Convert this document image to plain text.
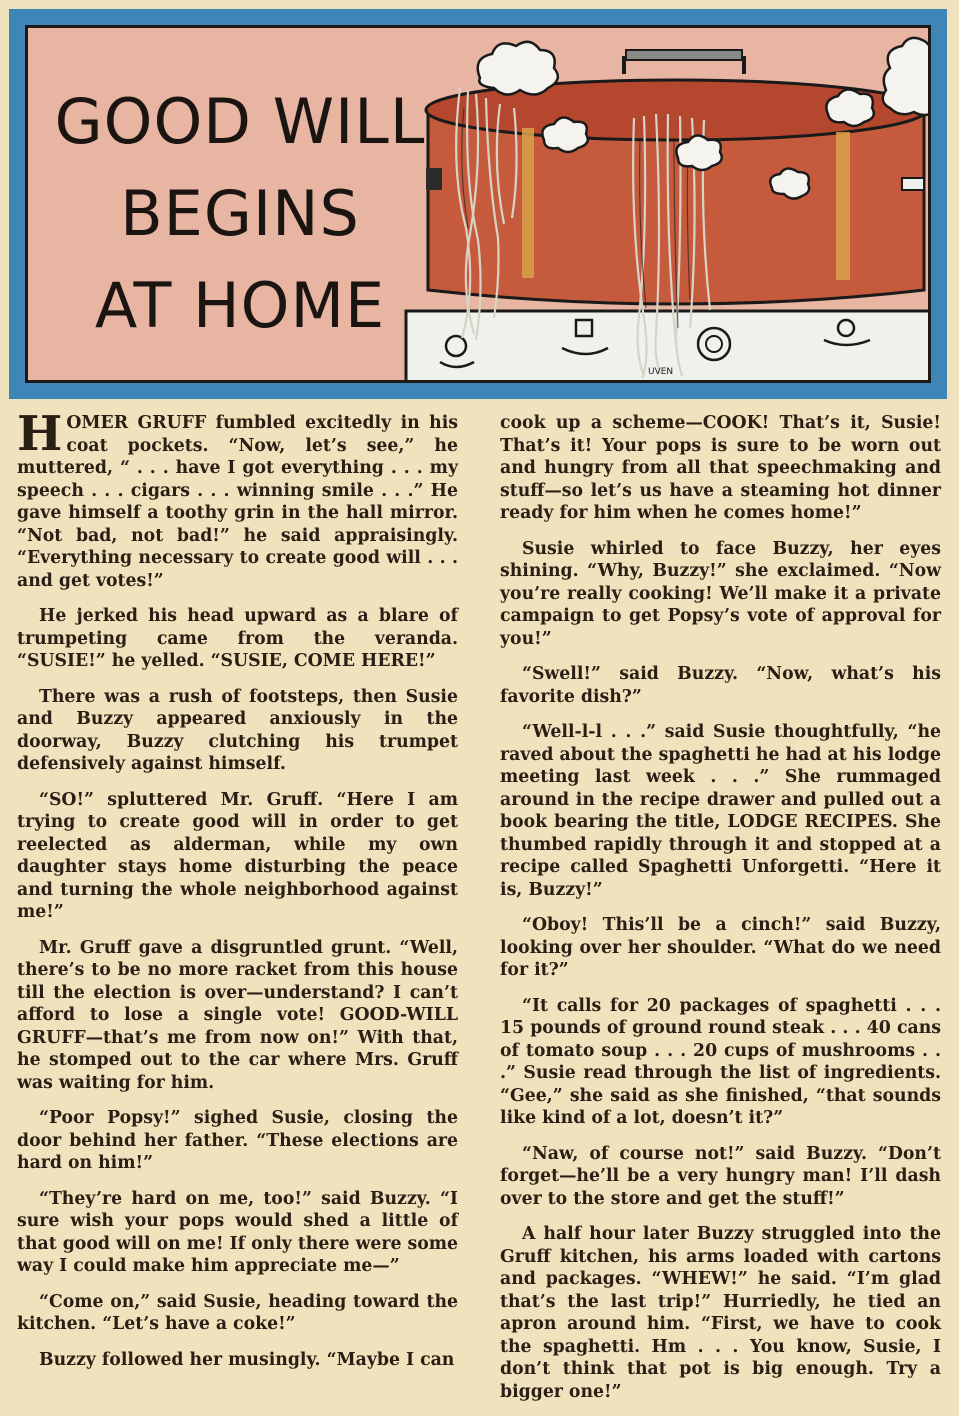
UVEN
GOOD WILL
BEGINS
AT HOME

HOMER GRUFF fumbled excitedly in his coat pockets. “Now, let’s see,” he muttered, “ . . . have I got everything . . . my speech . . . cigars . . . winning smile . . .” He gave himself a toothy grin in the hall mirror. “Not bad, not bad!” he said appraisingly. “Everything necessary to create good will . . . and get votes!”

He jerked his head upward as a blare of trumpeting came from the veranda. “SUSIE!” he yelled. “SUSIE, COME HERE!”

There was a rush of footsteps, then Susie and Buzzy appeared anxiously in the doorway, Buzzy clutching his trumpet defensively against himself.

“SO!” spluttered Mr. Gruff. “Here I am trying to create good will in order to get reelected as alderman, while my own daughter stays home disturbing the peace and turning the whole neighborhood against me!”

Mr. Gruff gave a disgruntled grunt. “Well, there’s to be no more racket from this house till the election is over—understand? I can’t afford to lose a single vote! GOOD-WILL GRUFF—that’s me from now on!” With that, he stomped out to the car where Mrs. Gruff was waiting for him.

“Poor Popsy!” sighed Susie, closing the door behind her father. “These elections are hard on him!”

“They’re hard on me, too!” said Buzzy. “I sure wish your pops would shed a little of that good will on me! If only there were some way I could make him appreciate me—”

“Come on,” said Susie, heading toward the kitchen. “Let’s have a coke!”

Buzzy followed her musingly. “Maybe I can

cook up a scheme—COOK! That’s it, Susie! That’s it! Your pops is sure to be worn out and hungry from all that speechmaking and stuff—so let’s us have a steaming hot dinner ready for him when he comes home!”

Susie whirled to face Buzzy, her eyes shining. “Why, Buzzy!” she exclaimed. “Now you’re really cooking! We’ll make it a private campaign to get Popsy’s vote of approval for you!”

“Swell!” said Buzzy. “Now, what’s his favorite dish?”

“Well-l-l . . .” said Susie thoughtfully, “he raved about the spaghetti he had at his lodge meeting last week . . .” She rummaged around in the recipe drawer and pulled out a book bearing the title, LODGE RECIPES. She thumbed rapidly through it and stopped at a recipe called Spaghetti Unforgetti. “Here it is, Buzzy!”

“Oboy! This’ll be a cinch!” said Buzzy, looking over her shoulder. “What do we need for it?”

“It calls for 20 packages of spaghetti . . . 15 pounds of ground round steak . . . 40 cans of tomato soup . . . 20 cups of mushrooms . . .” Susie read through the list of ingredients. “Gee,” she said as she finished, “that sounds like kind of a lot, doesn’t it?”

“Naw, of course not!” said Buzzy. “Don’t forget—he’ll be a very hungry man! I’ll dash over to the store and get the stuff!”

A half hour later Buzzy struggled into the Gruff kitchen, his arms loaded with cartons and packages. “WHEW!” he said. “I’m glad that’s the last trip!” Hurriedly, he tied an apron around him. “First, we have to cook the spaghetti. Hm . . . You know, Susie, I don’t think that pot is big enough. Try a bigger one!”
